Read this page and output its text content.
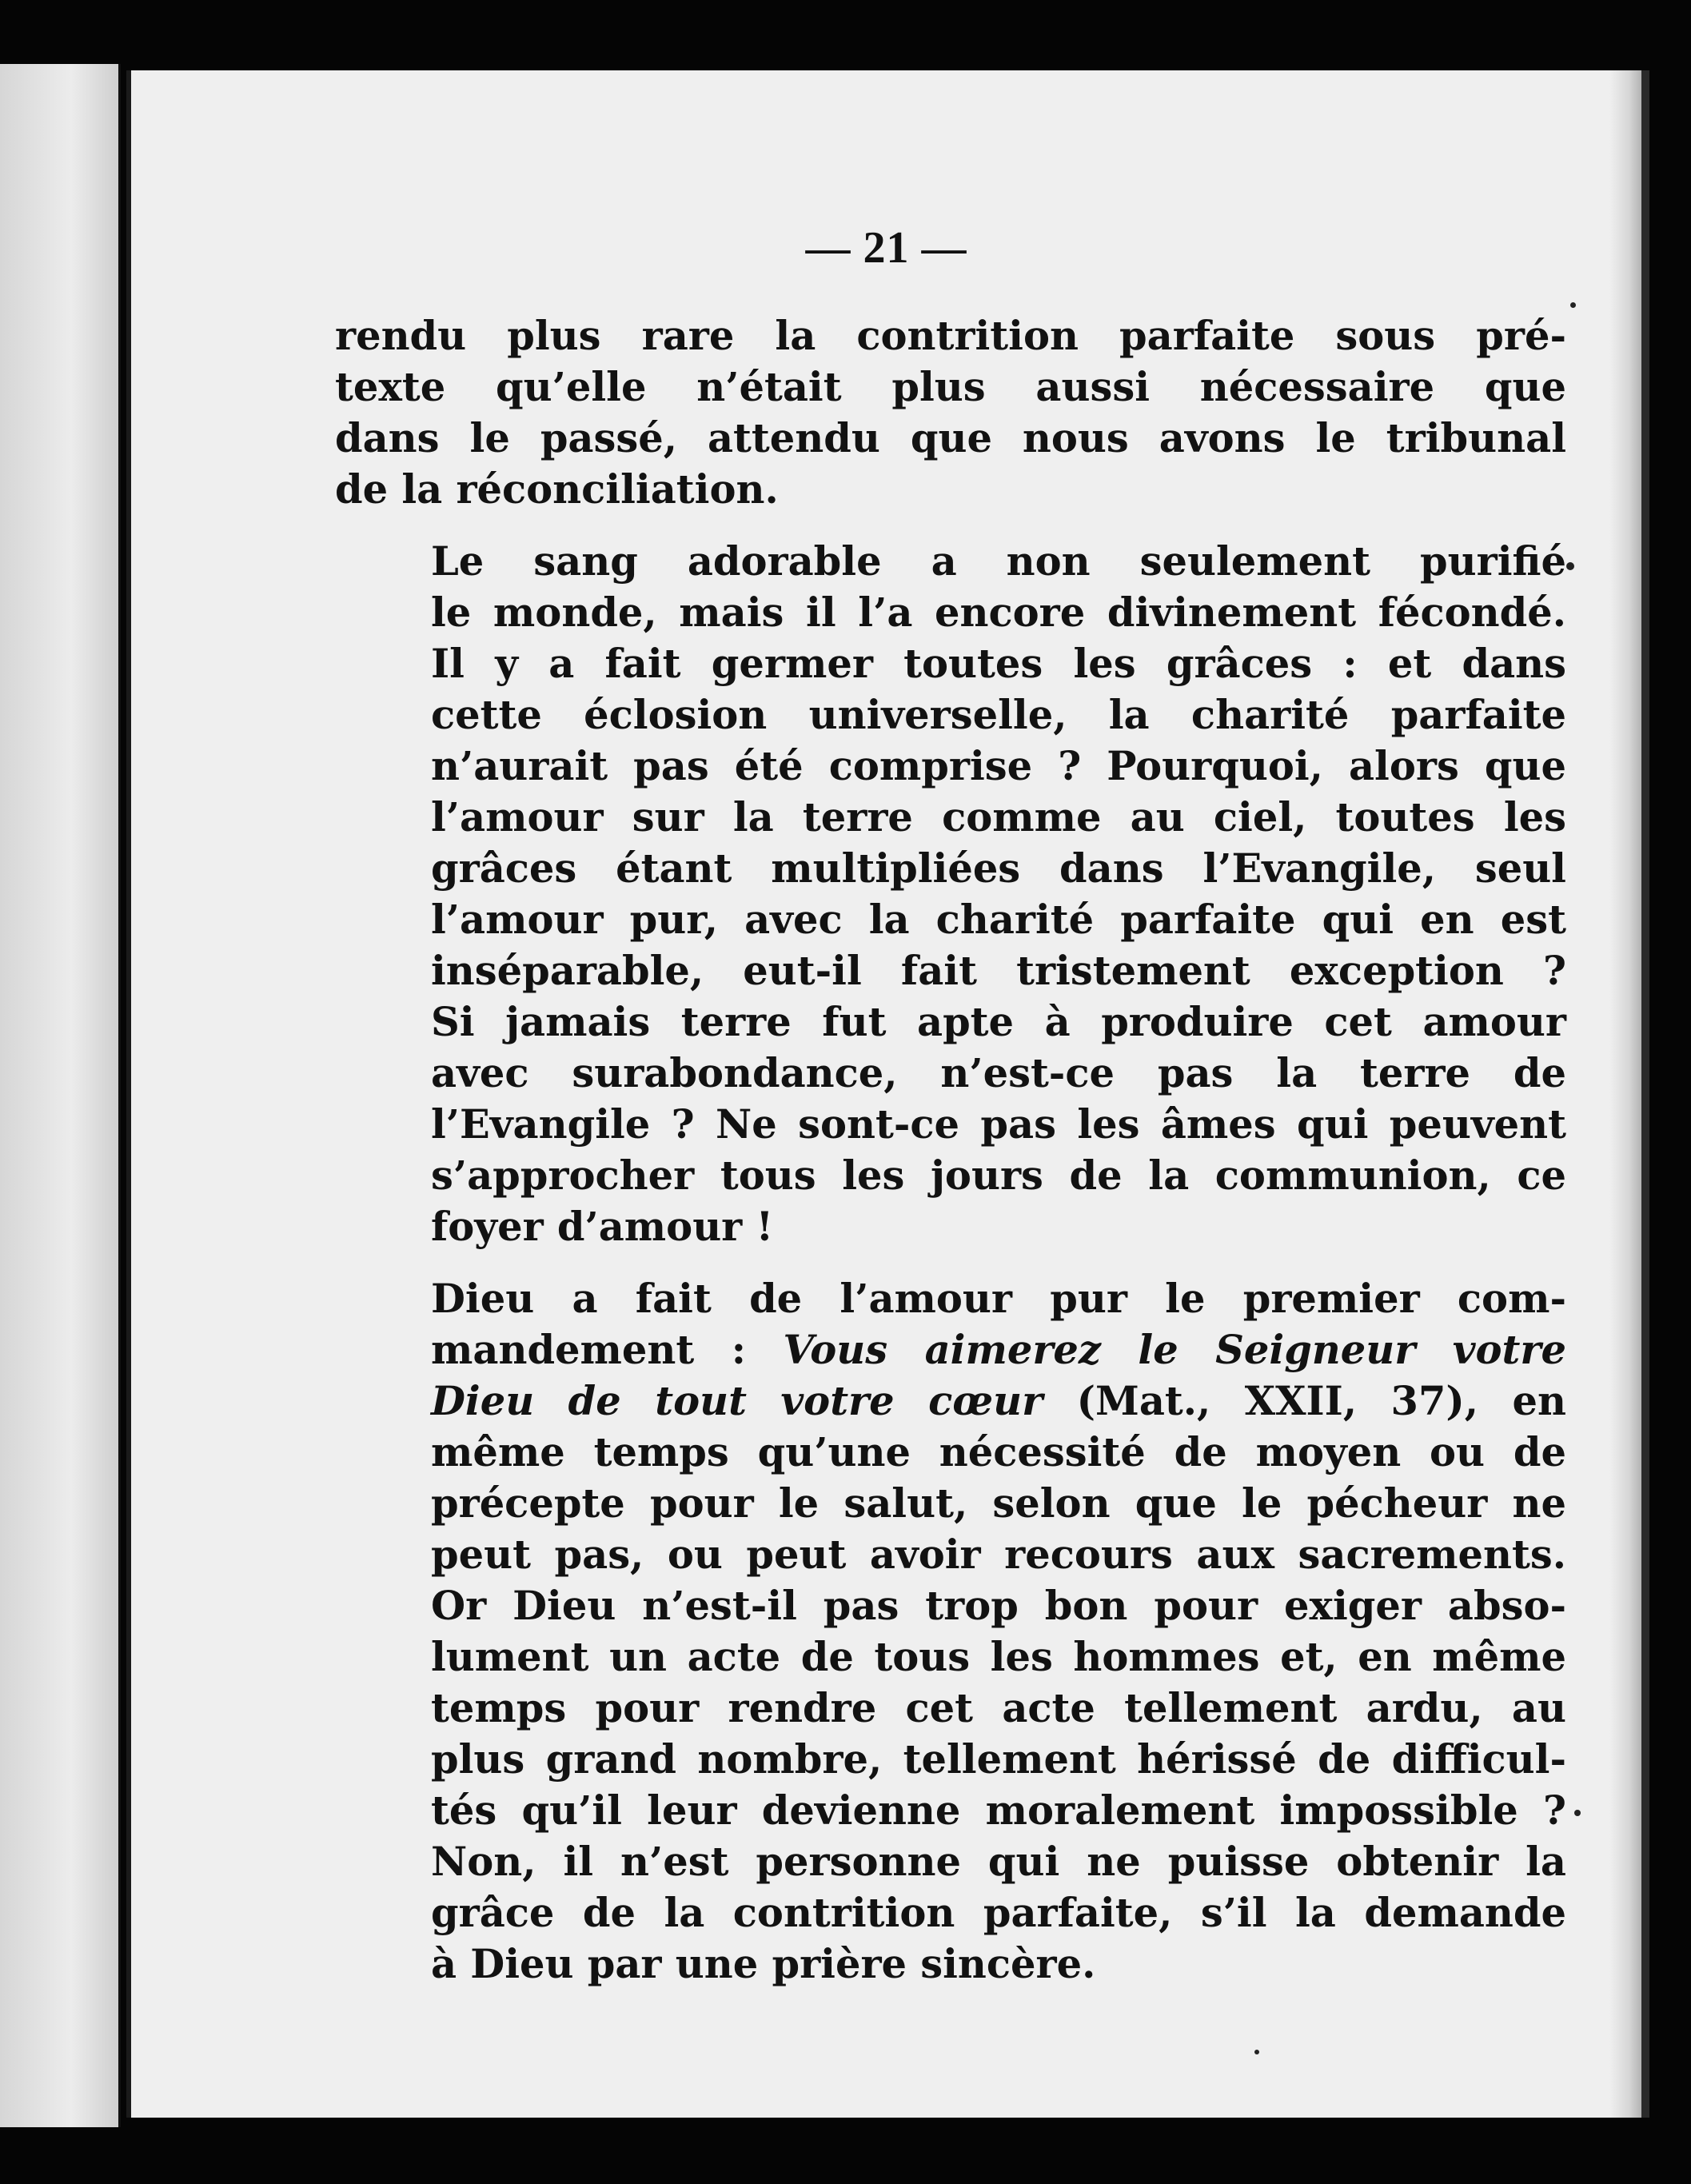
— 21 —

rendu plus rare la contrition parfaite sous pré-
texte qu’elle n’était plus aussi nécessaire que
dans le passé, attendu que nous avons le tribunal
de la réconciliation.

Le sang adorable a non seulement purifié
le monde, mais il l’a encore divinement fécondé.
Il y a fait germer toutes les grâces : et dans
cette éclosion universelle, la charité parfaite
n’aurait pas été comprise ? Pourquoi, alors que
l’amour sur la terre comme au ciel, toutes les
grâces étant multipliées dans l’Evangile, seul
l’amour pur, avec la charité parfaite qui en est
inséparable, eut-il fait tristement exception ?
Si jamais terre fut apte à produire cet amour
avec surabondance, n’est-ce pas la terre de
l’Evangile ? Ne sont-ce pas les âmes qui peuvent
s’approcher tous les jours de la communion, ce
foyer d’amour !

Dieu a fait de l’amour pur le premier com-
mandement : Vous aimerez le Seigneur votre
Dieu de tout votre cœur (Mat., XXII, 37), en
même temps qu’une nécessité de moyen ou de
précepte pour le salut, selon que le pécheur ne
peut pas, ou peut avoir recours aux sacrements.
Or Dieu n’est-il pas trop bon pour exiger abso-
lument un acte de tous les hommes et, en même
temps pour rendre cet acte tellement ardu, au
plus grand nombre, tellement hérissé de difficul-
tés qu’il leur devienne moralement impossible ?
Non, il n’est personne qui ne puisse obtenir la
grâce de la contrition parfaite, s’il la demande
à Dieu par une prière sincère.
